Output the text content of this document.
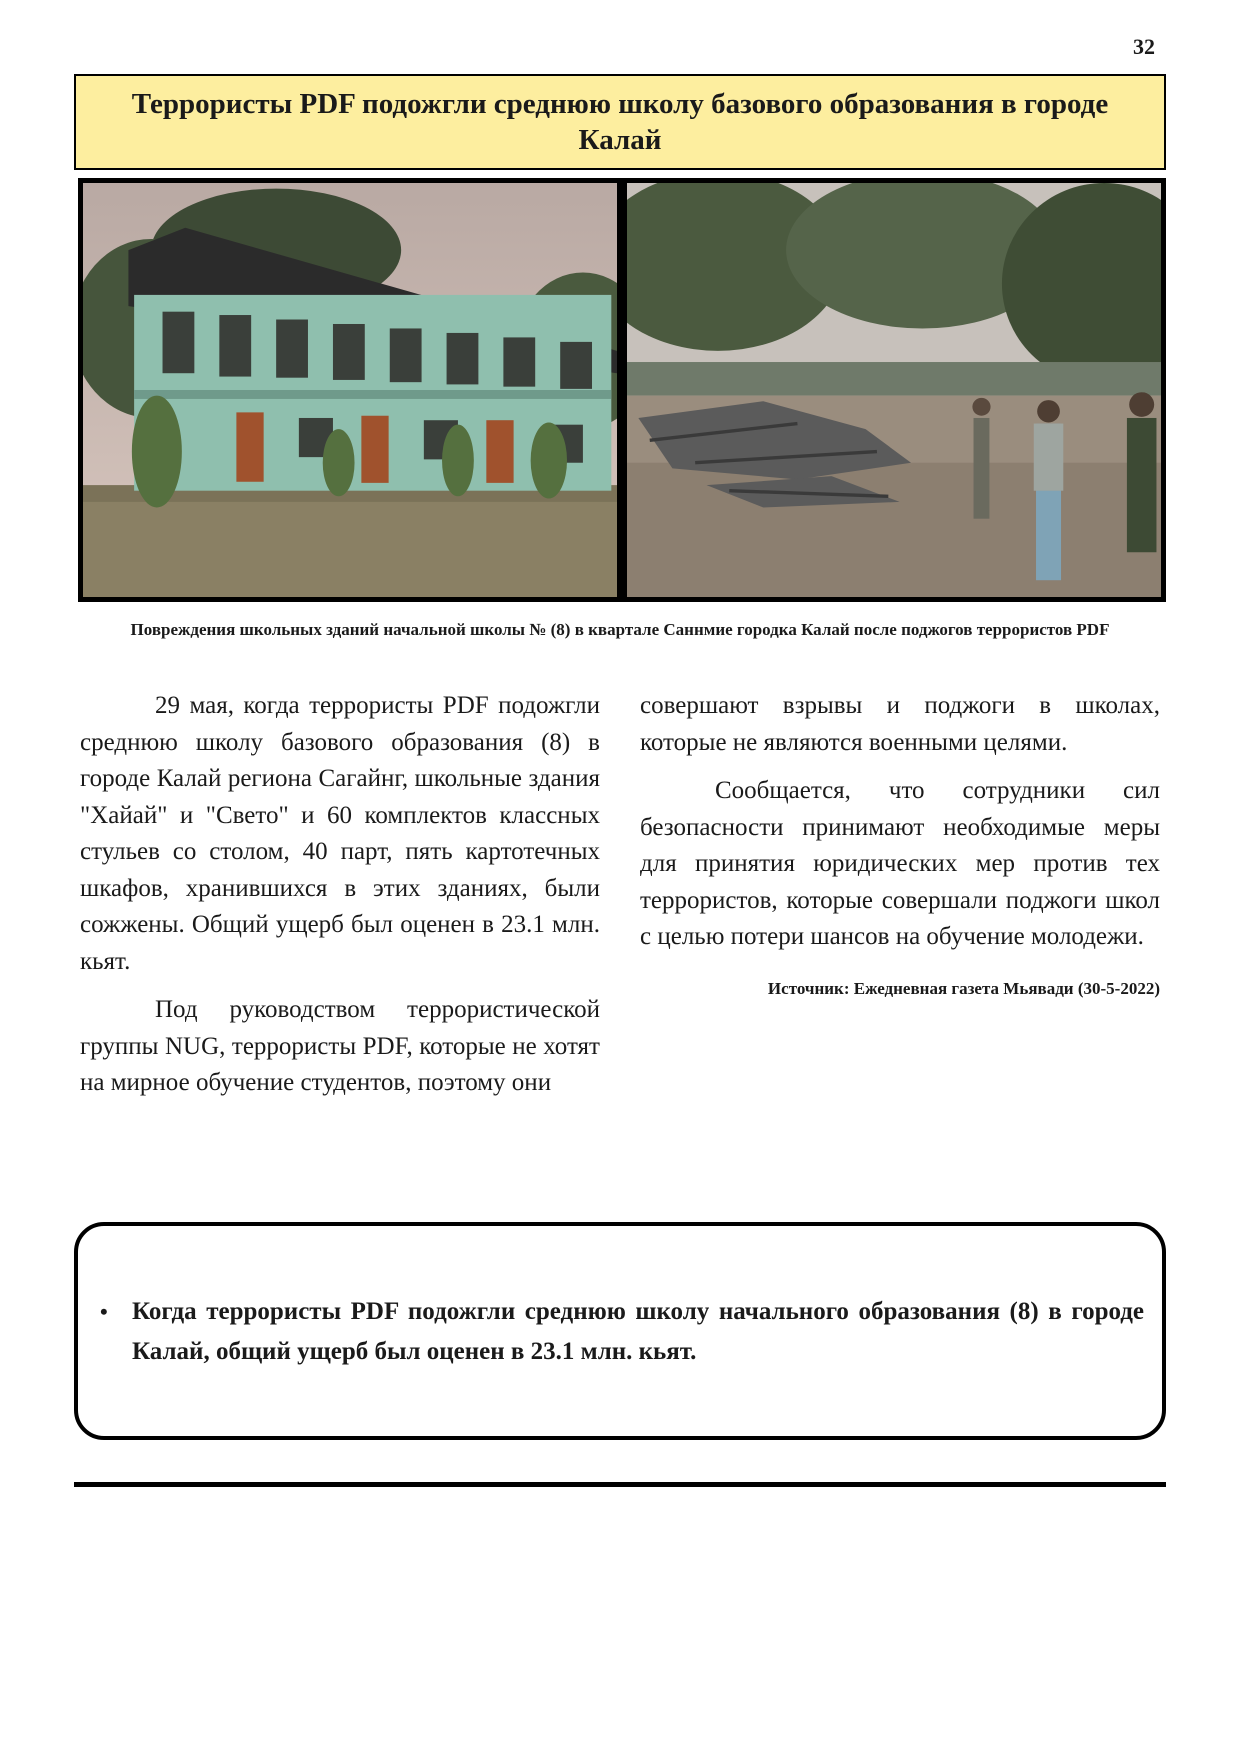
32
Террористы PDF подожгли среднюю школу базового образования в городе Калай
Повреждения школьных зданий начальной школы № (8) в квартале Саннмие городка Калай после поджогов террористов PDF

29 мая, когда террористы PDF подожгли среднюю школу базового образования (8) в городе Калай региона Сагайнг, школьные здания "Хайай" и "Свето" и 60 комплектов классных стульев со столом, 40 парт, пять картотечных шкафов, хранившихся в этих зданиях, были сожжены. Общий ущерб был оценен в 23.1 млн. кьят.

Под руководством террористической группы NUG, террористы PDF, которые не хотят на мирное обучение студентов, поэтому они

совершают взрывы и поджоги в школах, которые не являются военными целями.

Сообщается, что сотрудники сил безопасности принимают необходимые меры для принятия юридических мер против тех террористов, которые совершали поджоги школ с целью потери шансов на обучение молодежи.

Источник: Ежедневная газета Мьявади (30-5-2022)

• Когда террористы PDF подожгли среднюю школу начального образования (8) в городе Калай, общий ущерб был оценен в 23.1 млн. кьят.
